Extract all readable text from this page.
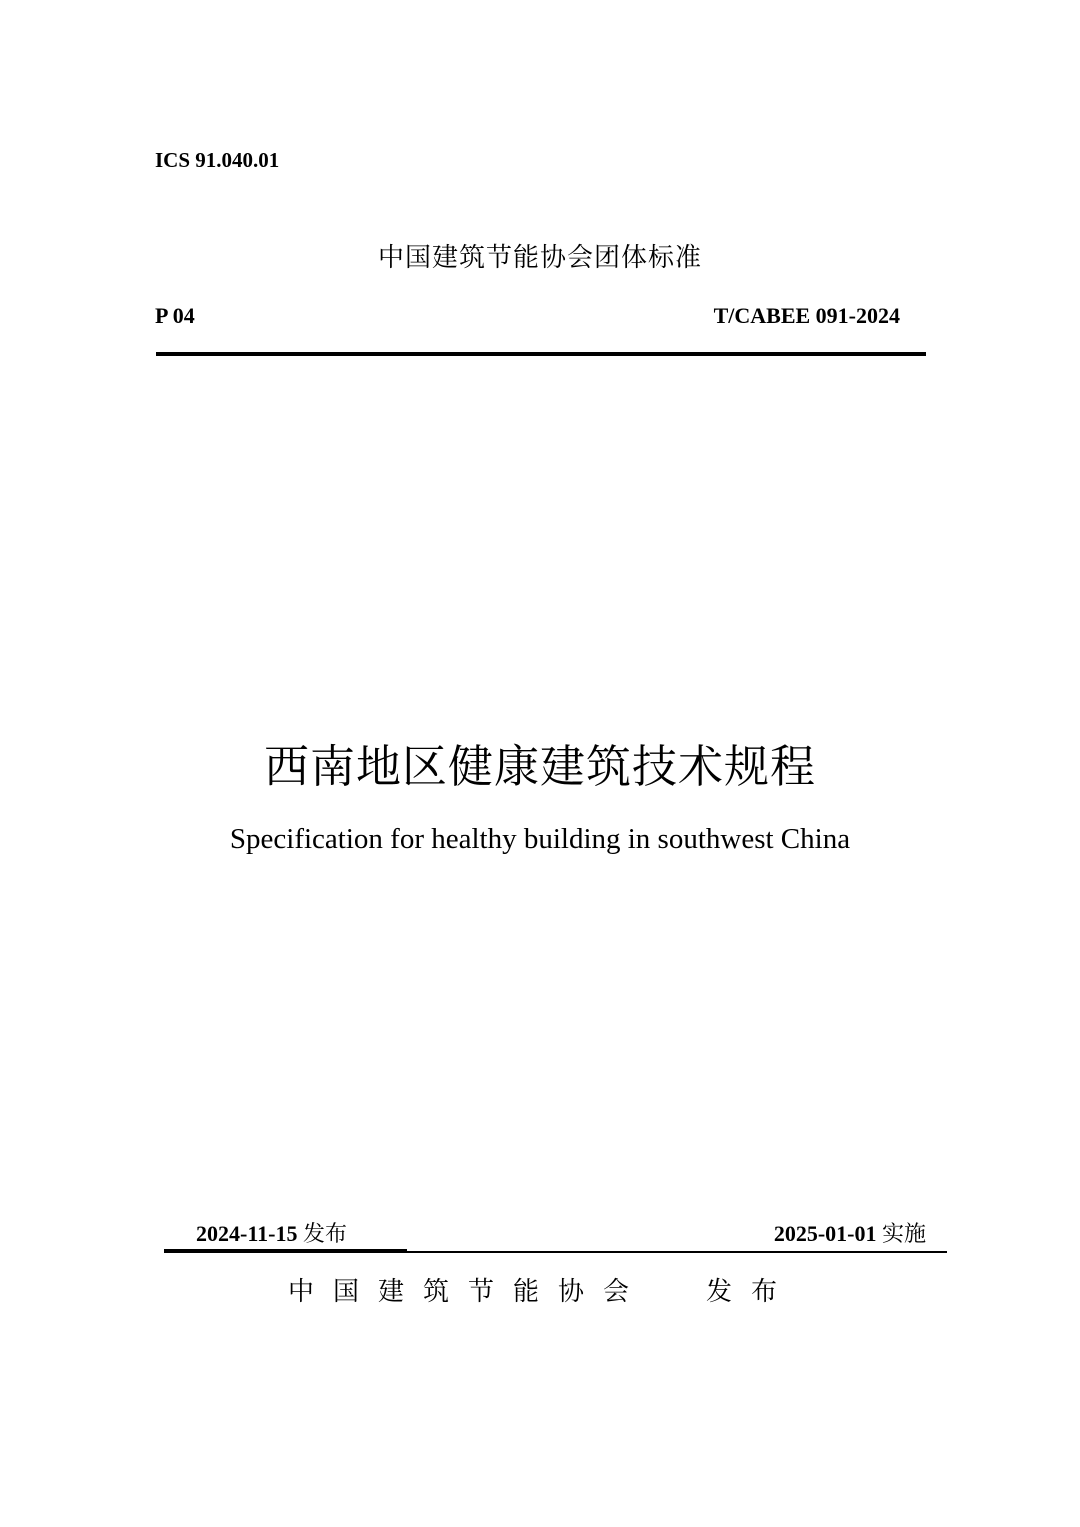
ICS 91.040.01
中国建筑节能协会团体标准
P 04	T/CABEE 091-2024
西南地区健康建筑技术规程
Specification for healthy building in southwest China
2024-11-15 发布	2025-01-01 实施
中国建筑节能协会 发布
